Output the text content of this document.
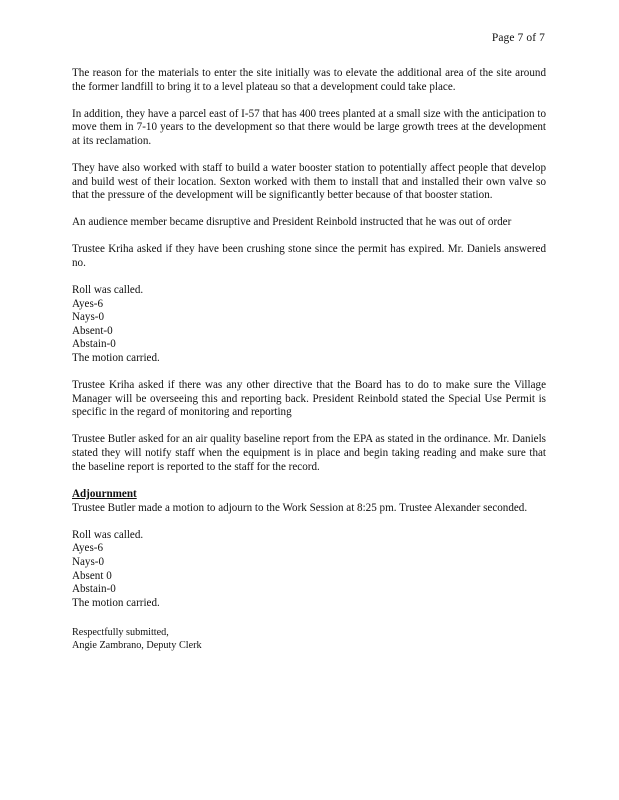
Page 7 of 7

The reason for the materials to enter the site initially was to elevate the additional area of the site around the former landfill to bring it to a level plateau so that a development could take place.

In addition, they have a parcel east of I-57 that has 400 trees planted at a small size with the anticipation to move them in 7-10 years to the development so that there would be large growth trees at the development at its reclamation.

They have also worked with staff to build a water booster station to potentially affect people that develop and build west of their location. Sexton worked with them to install that and installed their own valve so that the pressure of the development will be significantly better because of that booster station.

An audience member became disruptive and President Reinbold instructed that he was out of order

Trustee Kriha asked if they have been crushing stone since the permit has expired. Mr. Daniels answered no.

Roll was called.
Ayes-6
Nays-0
Absent-0
Abstain-0
The motion carried.

Trustee Kriha asked if there was any other directive that the Board has to do to make sure the Village Manager will be overseeing this and reporting back. President Reinbold stated the Special Use Permit is specific in the regard of monitoring and reporting

Trustee Butler asked for an air quality baseline report from the EPA as stated in the ordinance. Mr. Daniels stated they will notify staff when the equipment is in place and begin taking reading and make sure that the baseline report is reported to the staff for the record.

Adjournment

Trustee Butler made a motion to adjourn to the Work Session at 8:25 pm. Trustee Alexander seconded.

Roll was called.
Ayes-6
Nays-0
Absent 0
Abstain-0
The motion carried.
Respectfully submitted,
Angie Zambrano, Deputy Clerk
